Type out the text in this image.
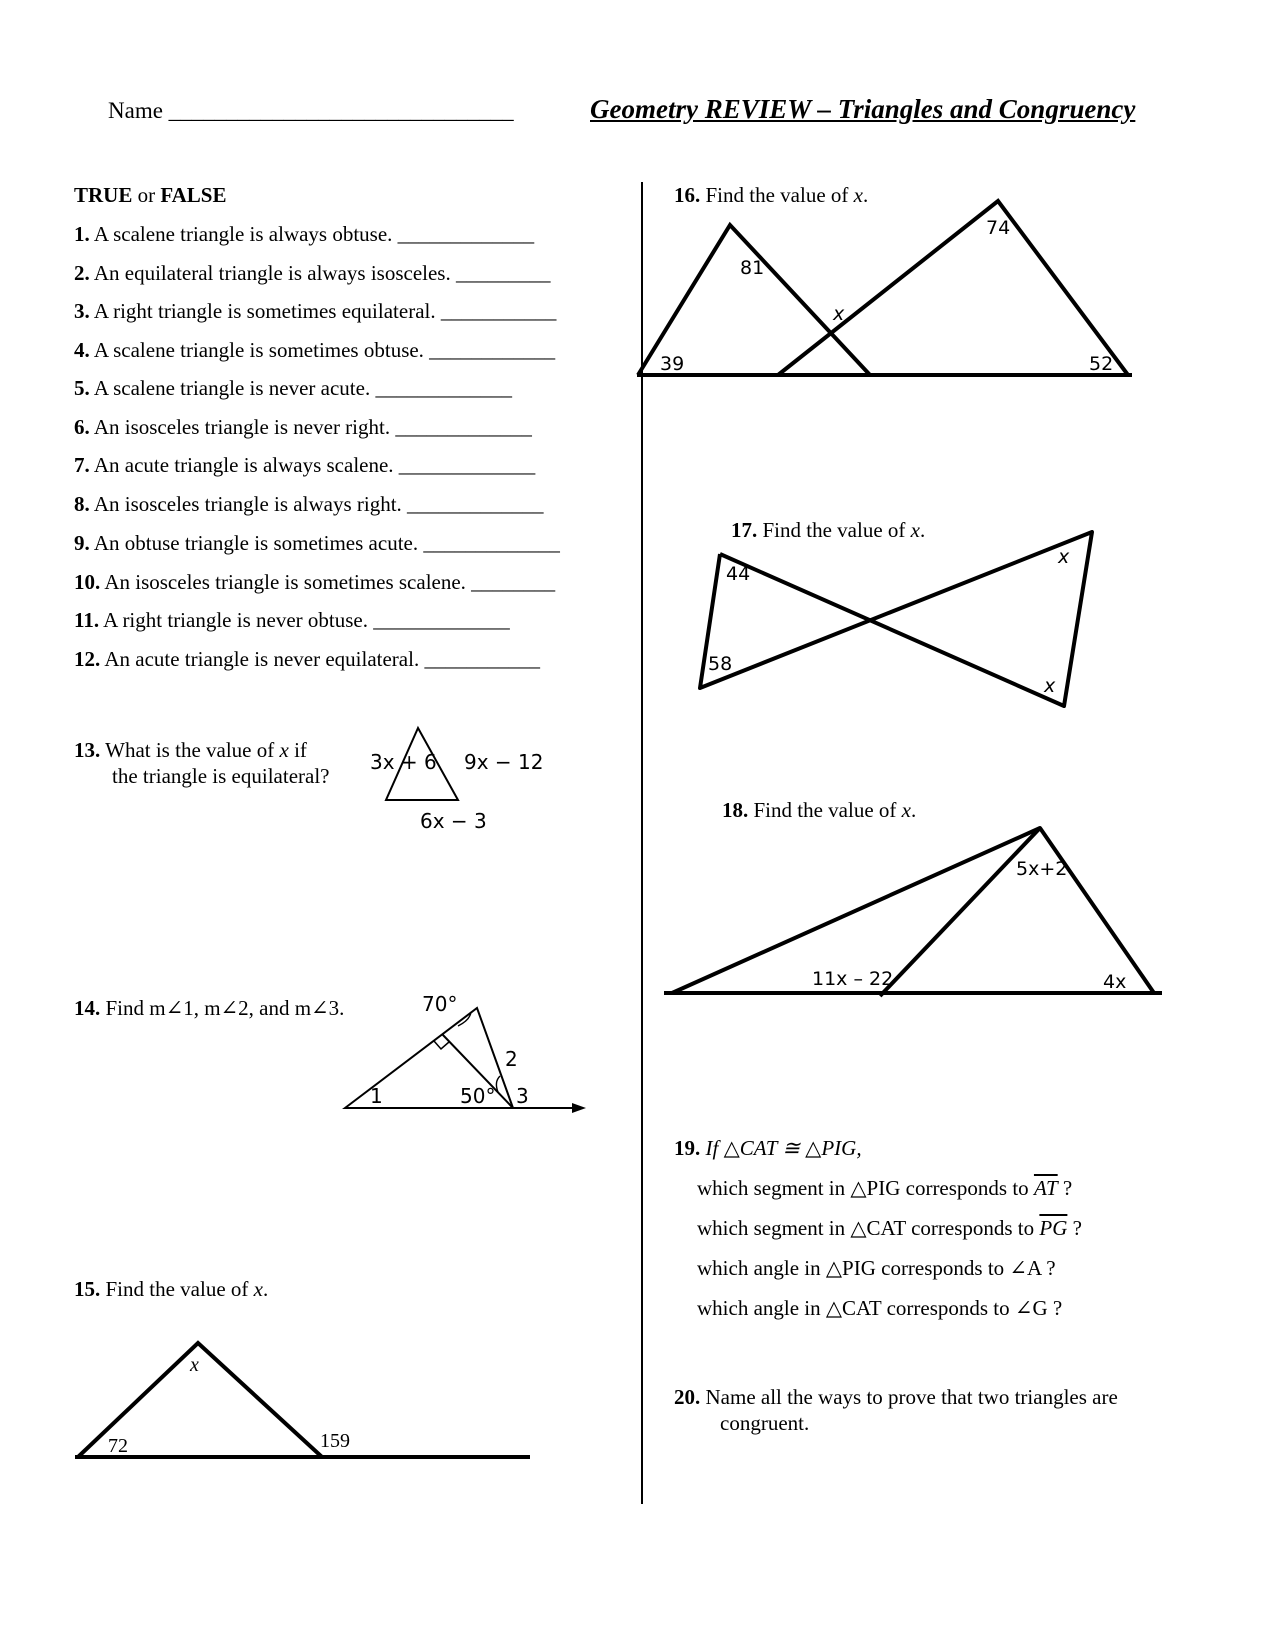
Name ______________________________	Geometry REVIEW – Triangles and Congruency
TRUE or FALSE
1. A scalene triangle is always obtuse. _____________
2. An equilateral triangle is always isosceles. _________
3. A right triangle is sometimes equilateral. ___________
4. A scalene triangle is sometimes obtuse. ____________
5. A scalene triangle is never acute. _____________
6. An isosceles triangle is never right. _____________
7. An acute triangle is always scalene. _____________
8. An isosceles triangle is always right. _____________
9. An obtuse triangle is sometimes acute. _____________
10. An isosceles triangle is sometimes scalene. ________
11. A right triangle is never obtuse. _____________
12. An acute triangle is never equilateral. ___________
13. What is the value of x if
the triangle is equilateral?
3x + 6 9x − 12
6x − 3
14. Find m∠1, m∠2, and m∠3.	70°
1	50°
2
3
15. Find the value of x.
x
72	159
16. Find the value of x.
81
74
x
39	52
17. Find the value of x.
44
58
x
x
18. Find the value of x.
5x+2
11x – 22	4x
19. If △CAT ≅ △PIG,
which segment in △PIG corresponds to $\overline{AT}$ ?
which segment in △CAT corresponds to $\overline{PG}$ ?
which angle in △PIG corresponds to ∠A ?
which angle in △CAT corresponds to ∠G ?
20. Name all the ways to prove that two triangles are
congruent.
